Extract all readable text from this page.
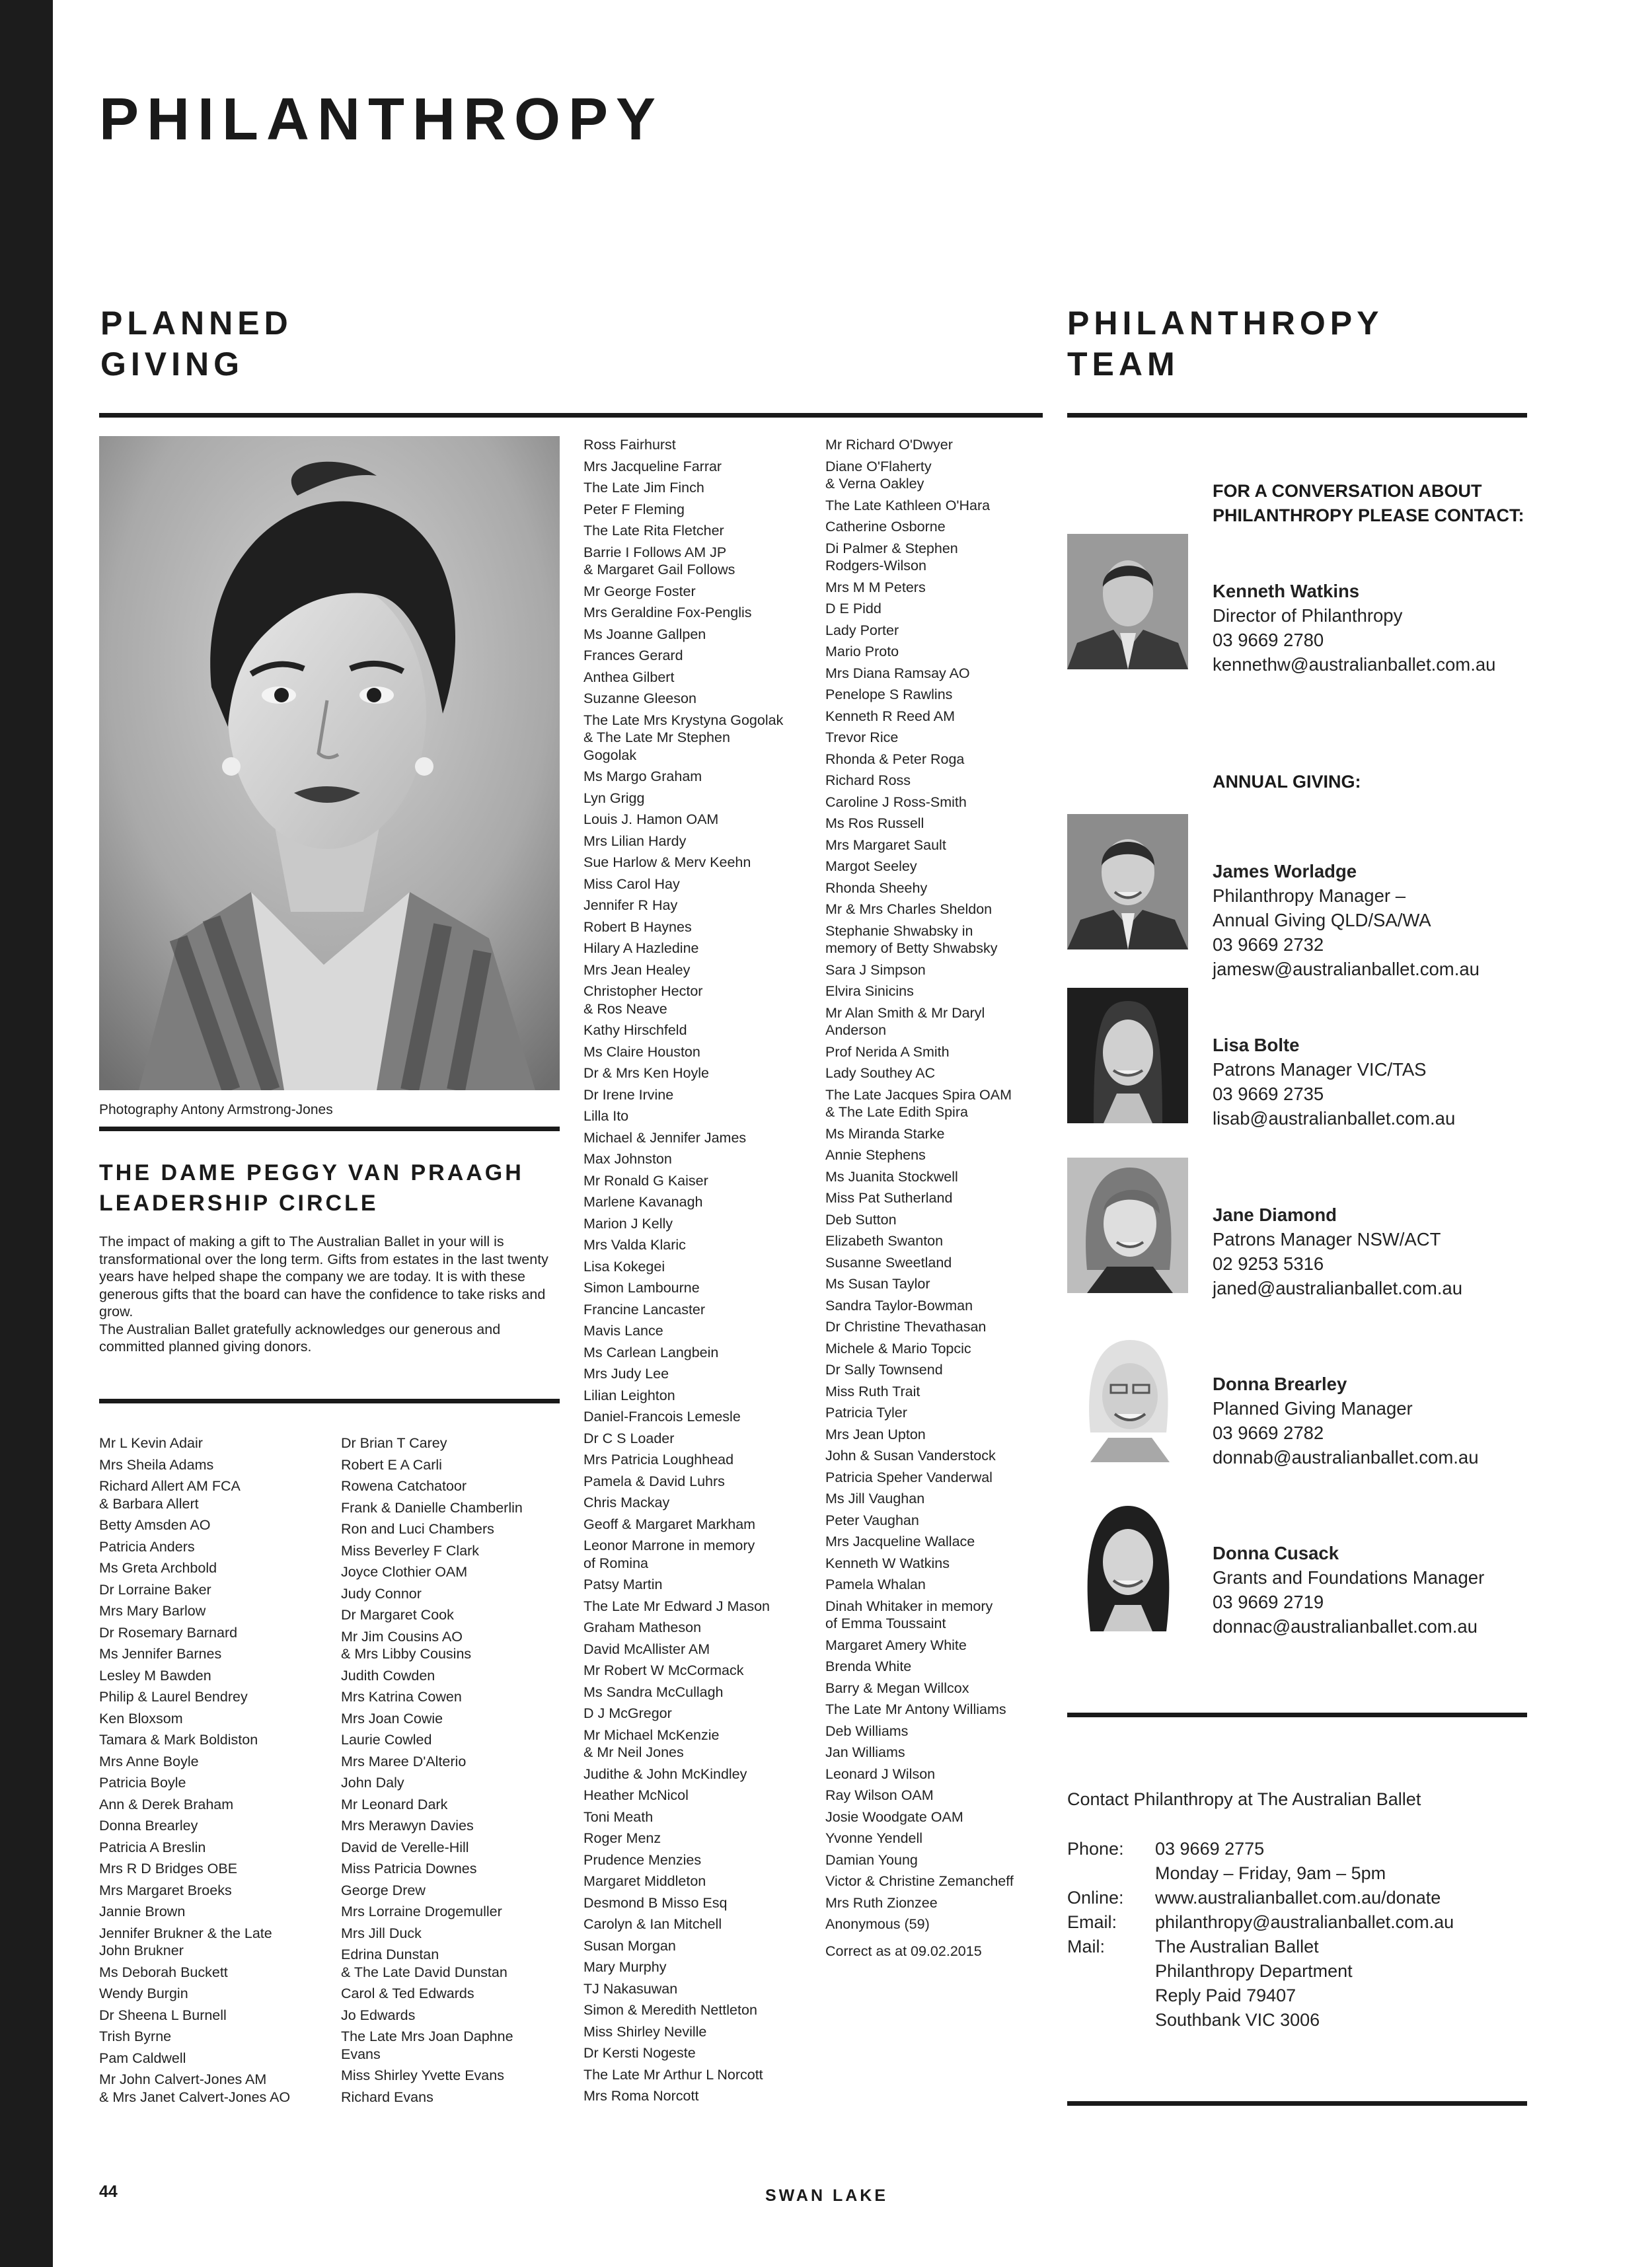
PHILANTHROPY
PLANNED
GIVING
Photography Antony Armstrong-Jones
THE DAME PEGGY VAN PRAAGH
LEADERSHIP CIRCLE

The impact of making a gift to The Australian Ballet in your will is transformational over the long term. Gifts from estates in the last twenty years have helped shape the company we are today. It is with these generous gifts that the board can have the confidence to take risks and grow.

The Australian Ballet gratefully acknowledges our generous and committed planned giving donors.

Mr L Kevin Adair
Mrs Sheila Adams
Richard Allert AM FCA
& Barbara Allert
Betty Amsden AO
Patricia Anders
Ms Greta Archbold
Dr Lorraine Baker
Mrs Mary Barlow
Dr Rosemary Barnard
Ms Jennifer Barnes
Lesley M Bawden
Philip & Laurel Bendrey
Ken Bloxsom
Tamara & Mark Boldiston
Mrs Anne Boyle
Patricia Boyle
Ann & Derek Braham
Donna Brearley
Patricia A Breslin
Mrs R D Bridges OBE
Mrs Margaret Broeks
Jannie Brown
Jennifer Brukner & the Late
John Brukner
Ms Deborah Buckett
Wendy Burgin
Dr Sheena L Burnell
Trish Byrne
Pam Caldwell
Mr John Calvert-Jones AM
& Mrs Janet Calvert-Jones AO
Dr Brian T Carey
Robert E A Carli
Rowena Catchatoor
Frank & Danielle Chamberlin
Ron and Luci Chambers
Miss Beverley F Clark
Joyce Clothier OAM
Judy Connor
Dr Margaret Cook
Mr Jim Cousins AO
& Mrs Libby Cousins
Judith Cowden
Mrs Katrina Cowen
Mrs Joan Cowie
Laurie Cowled
Mrs Maree D'Alterio
John Daly
Mr Leonard Dark
Mrs Merawyn Davies
David de Verelle-Hill
Miss Patricia Downes
George Drew
Mrs Lorraine Drogemuller
Mrs Jill Duck
Edrina Dunstan
& The Late David Dunstan
Carol & Ted Edwards
Jo Edwards
The Late Mrs Joan Daphne
Evans
Miss Shirley Yvette Evans
Richard Evans
Ross Fairhurst
Mrs Jacqueline Farrar
The Late Jim Finch
Peter F Fleming
The Late Rita Fletcher
Barrie I Follows AM JP
& Margaret Gail Follows
Mr George Foster
Mrs Geraldine Fox-Penglis
Ms Joanne Gallpen
Frances Gerard
Anthea Gilbert
Suzanne Gleeson
The Late Mrs Krystyna Gogolak
& The Late Mr Stephen
Gogolak
Ms Margo Graham
Lyn Grigg
Louis J. Hamon OAM
Mrs Lilian Hardy
Sue Harlow & Merv Keehn
Miss Carol Hay
Jennifer R Hay
Robert B Haynes
Hilary A Hazledine
Mrs Jean Healey
Christopher Hector
& Ros Neave
Kathy Hirschfeld
Ms Claire Houston
Dr & Mrs Ken Hoyle
Dr Irene Irvine
Lilla Ito
Michael & Jennifer James
Max Johnston
Mr Ronald G Kaiser
Marlene Kavanagh
Marion J Kelly
Mrs Valda Klaric
Lisa Kokegei
Simon Lambourne
Francine Lancaster
Mavis Lance
Ms Carlean Langbein
Mrs Judy Lee
Lilian Leighton
Daniel-Francois Lemesle
Dr C S Loader
Mrs Patricia Loughhead
Pamela & David Luhrs
Chris Mackay
Geoff & Margaret Markham
Leonor Marrone in memory
of Romina
Patsy Martin
The Late Mr Edward J Mason
Graham Matheson
David McAllister AM
Mr Robert W McCormack
Ms Sandra McCullagh
D J McGregor
Mr Michael McKenzie
& Mr Neil Jones
Judithe & John McKindley
Heather McNicol
Toni Meath
Roger Menz
Prudence Menzies
Margaret Middleton
Desmond B Misso Esq
Carolyn & Ian Mitchell
Susan Morgan
Mary Murphy
TJ Nakasuwan
Simon & Meredith Nettleton
Miss Shirley Neville
Dr Kersti Nogeste
The Late Mr Arthur L Norcott
Mrs Roma Norcott
Mr Richard O'Dwyer
Diane O'Flaherty
& Verna Oakley
The Late Kathleen O'Hara
Catherine Osborne
Di Palmer & Stephen
Rodgers-Wilson
Mrs M M Peters
D E Pidd
Lady Porter
Mario Proto
Mrs Diana Ramsay AO
Penelope S Rawlins
Kenneth R Reed AM
Trevor Rice
Rhonda & Peter Roga
Richard Ross
Caroline J Ross-Smith
Ms Ros Russell
Mrs Margaret Sault
Margot Seeley
Rhonda Sheehy
Mr & Mrs Charles Sheldon
Stephanie Shwabsky in
memory of Betty Shwabsky
Sara J Simpson
Elvira Sinicins
Mr Alan Smith & Mr Daryl
Anderson
Prof Nerida A Smith
Lady Southey AC
The Late Jacques Spira OAM
& The Late Edith Spira
Ms Miranda Starke
Annie Stephens
Ms Juanita Stockwell
Miss Pat Sutherland
Deb Sutton
Elizabeth Swanton
Susanne Sweetland
Ms Susan Taylor
Sandra Taylor-Bowman
Dr Christine Thevathasan
Michele & Mario Topcic
Dr Sally Townsend
Miss Ruth Trait
Patricia Tyler
Mrs Jean Upton
John & Susan Vanderstock
Patricia Speher Vanderwal
Ms Jill Vaughan
Peter Vaughan
Mrs Jacqueline Wallace
Kenneth W Watkins
Pamela Whalan
Dinah Whitaker in memory
of Emma Toussaint
Margaret Amery White
Brenda White
Barry & Megan Willcox
The Late Mr Antony Williams
Deb Williams
Jan Williams
Leonard J Wilson
Ray Wilson OAM
Josie Woodgate OAM
Yvonne Yendell
Damian Young
Victor & Christine Zemancheff
Mrs Ruth Zionzee
Anonymous (59)
Correct as at 09.02.2015
PHILANTHROPY
TEAM
FOR A CONVERSATION ABOUT
PHILANTHROPY PLEASE CONTACT:
ANNUAL GIVING:
Kenneth Watkins
Director of Philanthropy
03 9669 2780
kennethw@australianballet.com.au
James Worladge
Philanthropy Manager –
Annual Giving QLD/SA/WA
03 9669 2732
jamesw@australianballet.com.au
Lisa Bolte
Patrons Manager VIC/TAS
03 9669 2735
lisab@australianballet.com.au
Jane Diamond
Patrons Manager NSW/ACT
02 9253 5316
janed@australianballet.com.au
Donna Brearley
Planned Giving Manager
03 9669 2782
donnab@australianballet.com.au
Donna Cusack
Grants and Foundations Manager
03 9669 2719
donnac@australianballet.com.au
Contact Philanthropy at The Australian Ballet
Phone:	03 9669 2775
Monday – Friday, 9am – 5pm
Online:	www.australianballet.com.au/donate
Email:	philanthropy@australianballet.com.au
Mail:	The Australian Ballet
Philanthropy Department
Reply Paid 79407
Southbank VIC 3006
44	SWAN LAKE
